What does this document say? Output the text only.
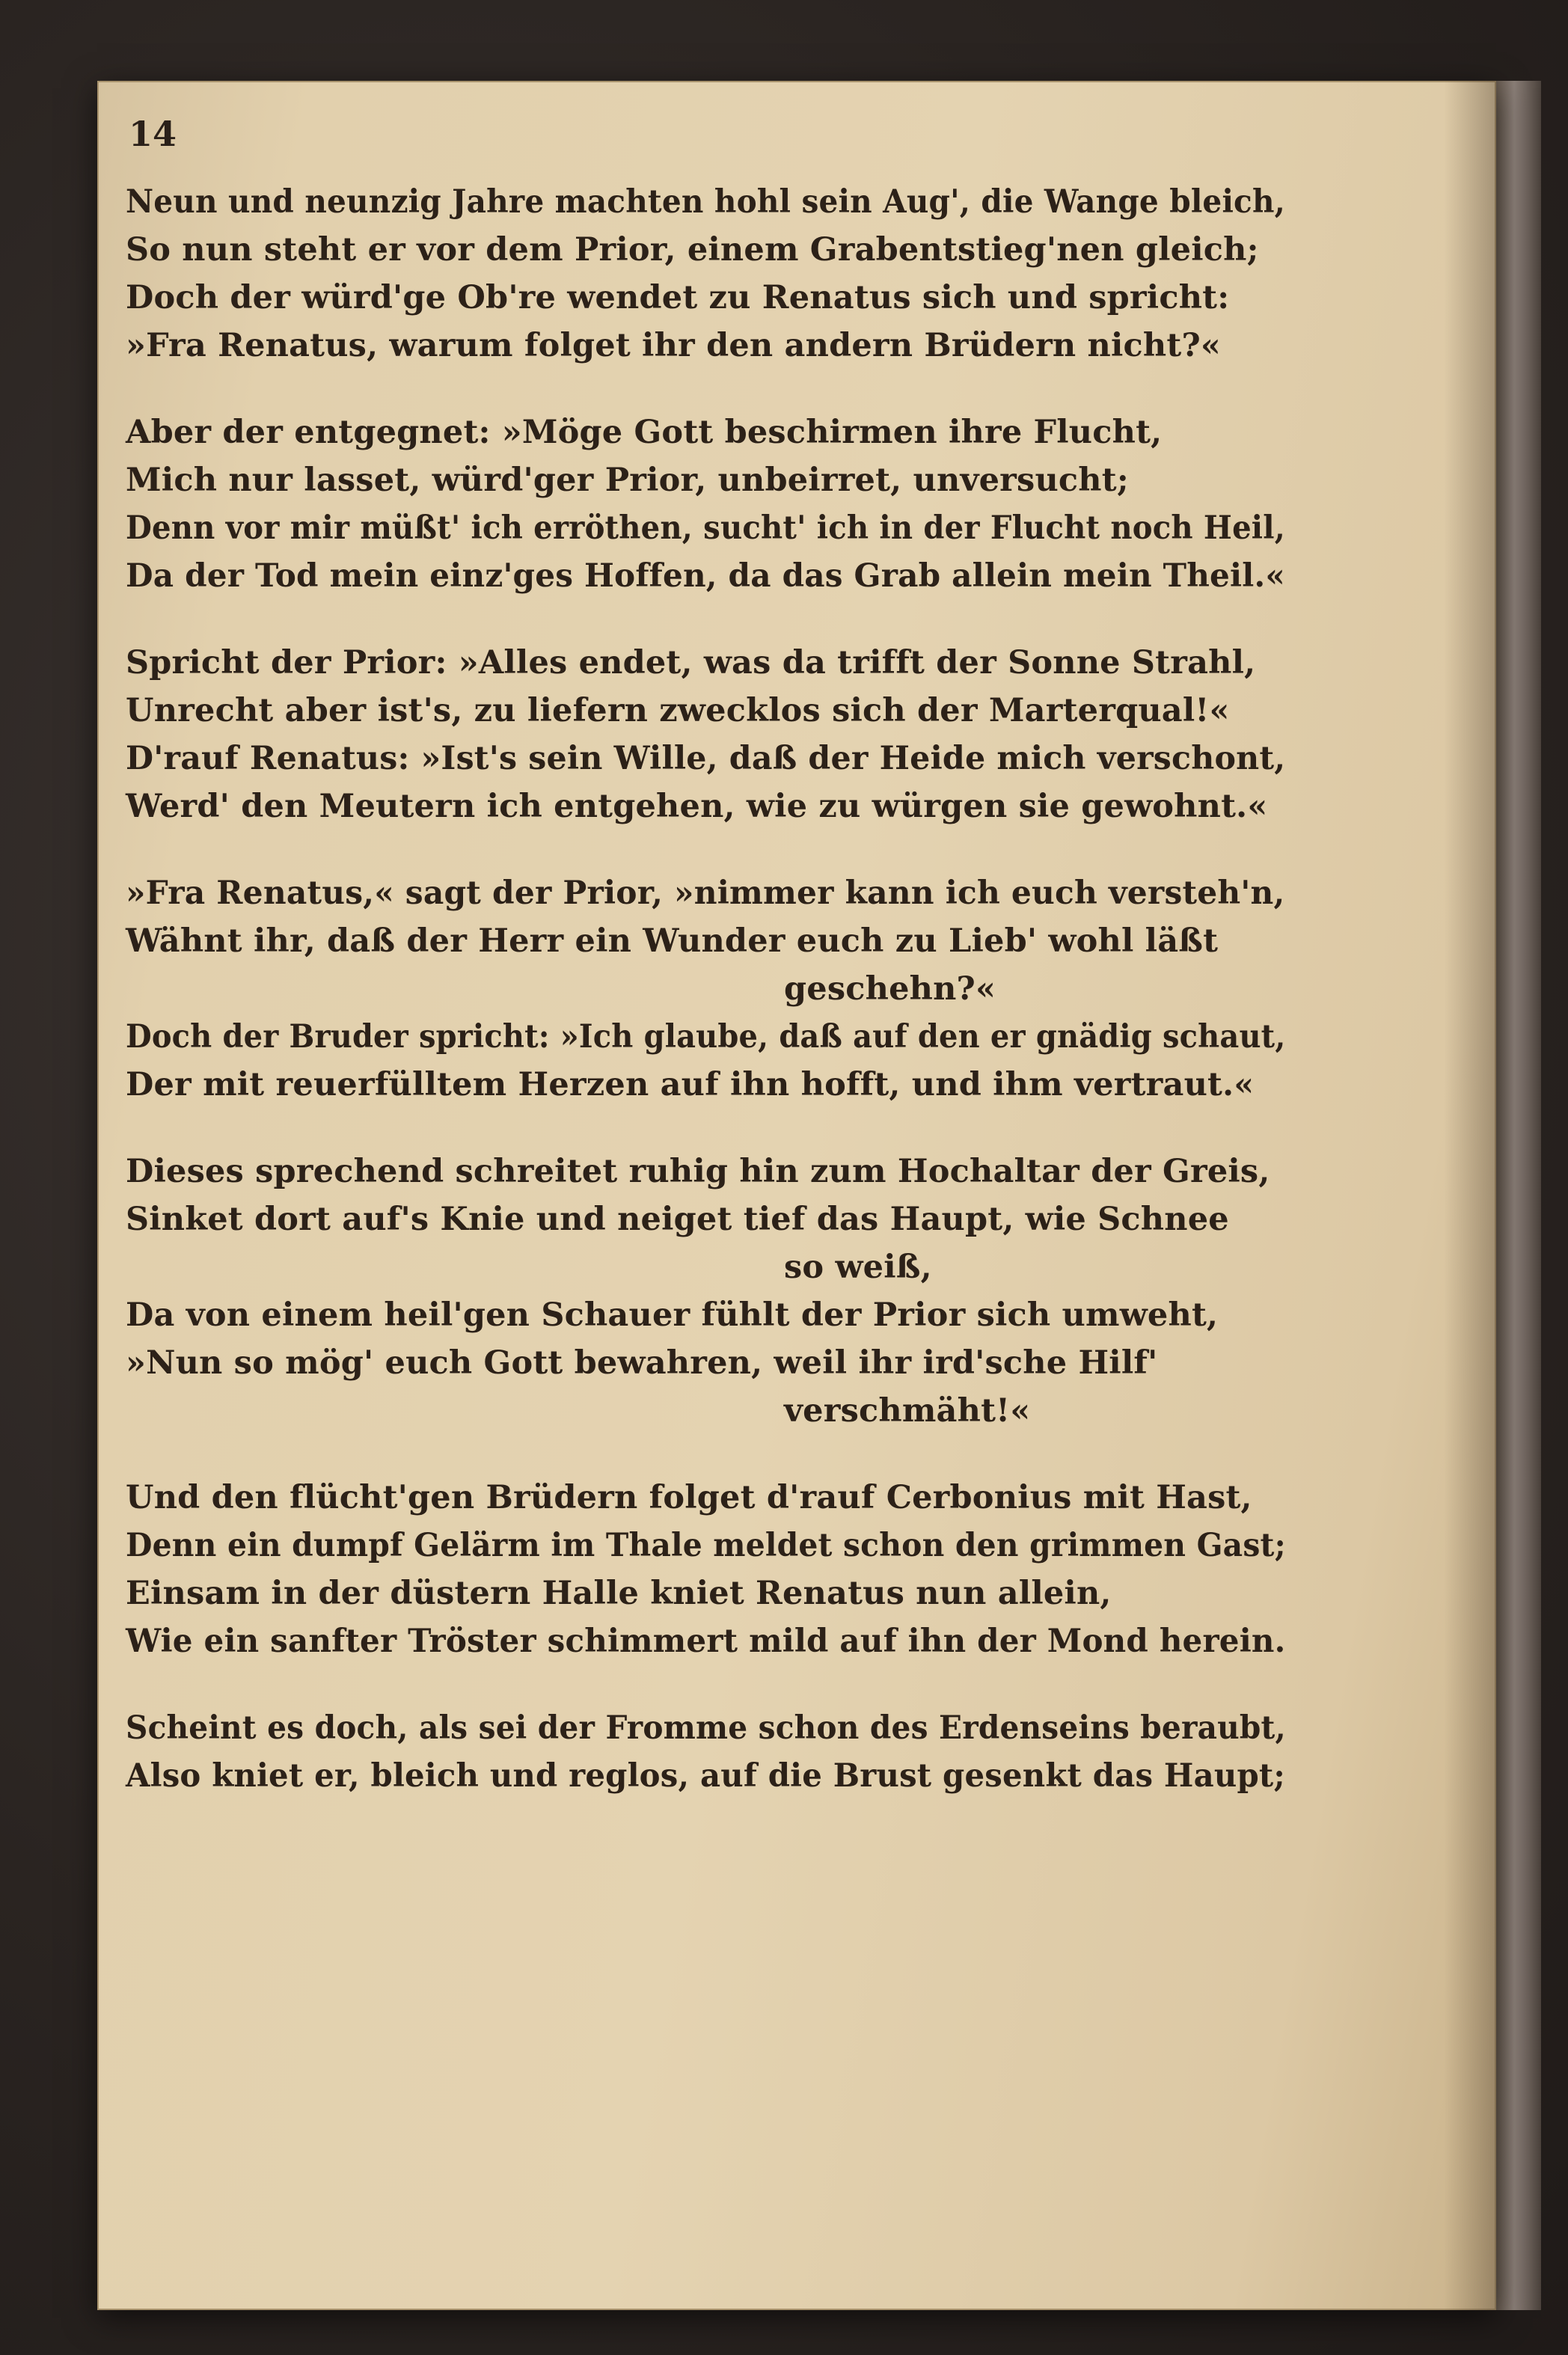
14
Neun und neunzig Jahre machten hohl sein Aug', die Wange bleich,
So nun steht er vor dem Prior, einem Grabentstieg'nen gleich;
Doch der würd'ge Ob're wendet zu Renatus sich und spricht:
»Fra Renatus, warum folget ihr den andern Brüdern nicht?«
Aber der entgegnet: »Möge Gott beschirmen ihre Flucht,
Mich nur lasset, würd'ger Prior, unbeirret, unversucht;
Denn vor mir müßt' ich erröthen, sucht' ich in der Flucht noch Heil,
Da der Tod mein einz'ges Hoffen, da das Grab allein mein Theil.«
Spricht der Prior: »Alles endet, was da trifft der Sonne Strahl,
Unrecht aber ist's, zu liefern zwecklos sich der Marterqual!«
D'rauf Renatus: »Ist's sein Wille, daß der Heide mich verschont,
Werd' den Meutern ich entgehen, wie zu würgen sie gewohnt.«
»Fra Renatus,« sagt der Prior, »nimmer kann ich euch versteh'n,
Wähnt ihr, daß der Herr ein Wunder euch zu Lieb' wohl läßt
geschehn?«
Doch der Bruder spricht: »Ich glaube, daß auf den er gnädig schaut,
Der mit reuerfülltem Herzen auf ihn hofft, und ihm vertraut.«
Dieses sprechend schreitet ruhig hin zum Hochaltar der Greis,
Sinket dort auf's Knie und neiget tief das Haupt, wie Schnee
so weiß,
Da von einem heil'gen Schauer fühlt der Prior sich umweht,
»Nun so mög' euch Gott bewahren, weil ihr ird'sche Hilf'
verschmäht!«
Und den flücht'gen Brüdern folget d'rauf Cerbonius mit Hast,
Denn ein dumpf Gelärm im Thale meldet schon den grimmen Gast;
Einsam in der düstern Halle kniet Renatus nun allein,
Wie ein sanfter Tröster schimmert mild auf ihn der Mond herein.
Scheint es doch, als sei der Fromme schon des Erdenseins beraubt,
Also kniet er, bleich und reglos, auf die Brust gesenkt das Haupt;
